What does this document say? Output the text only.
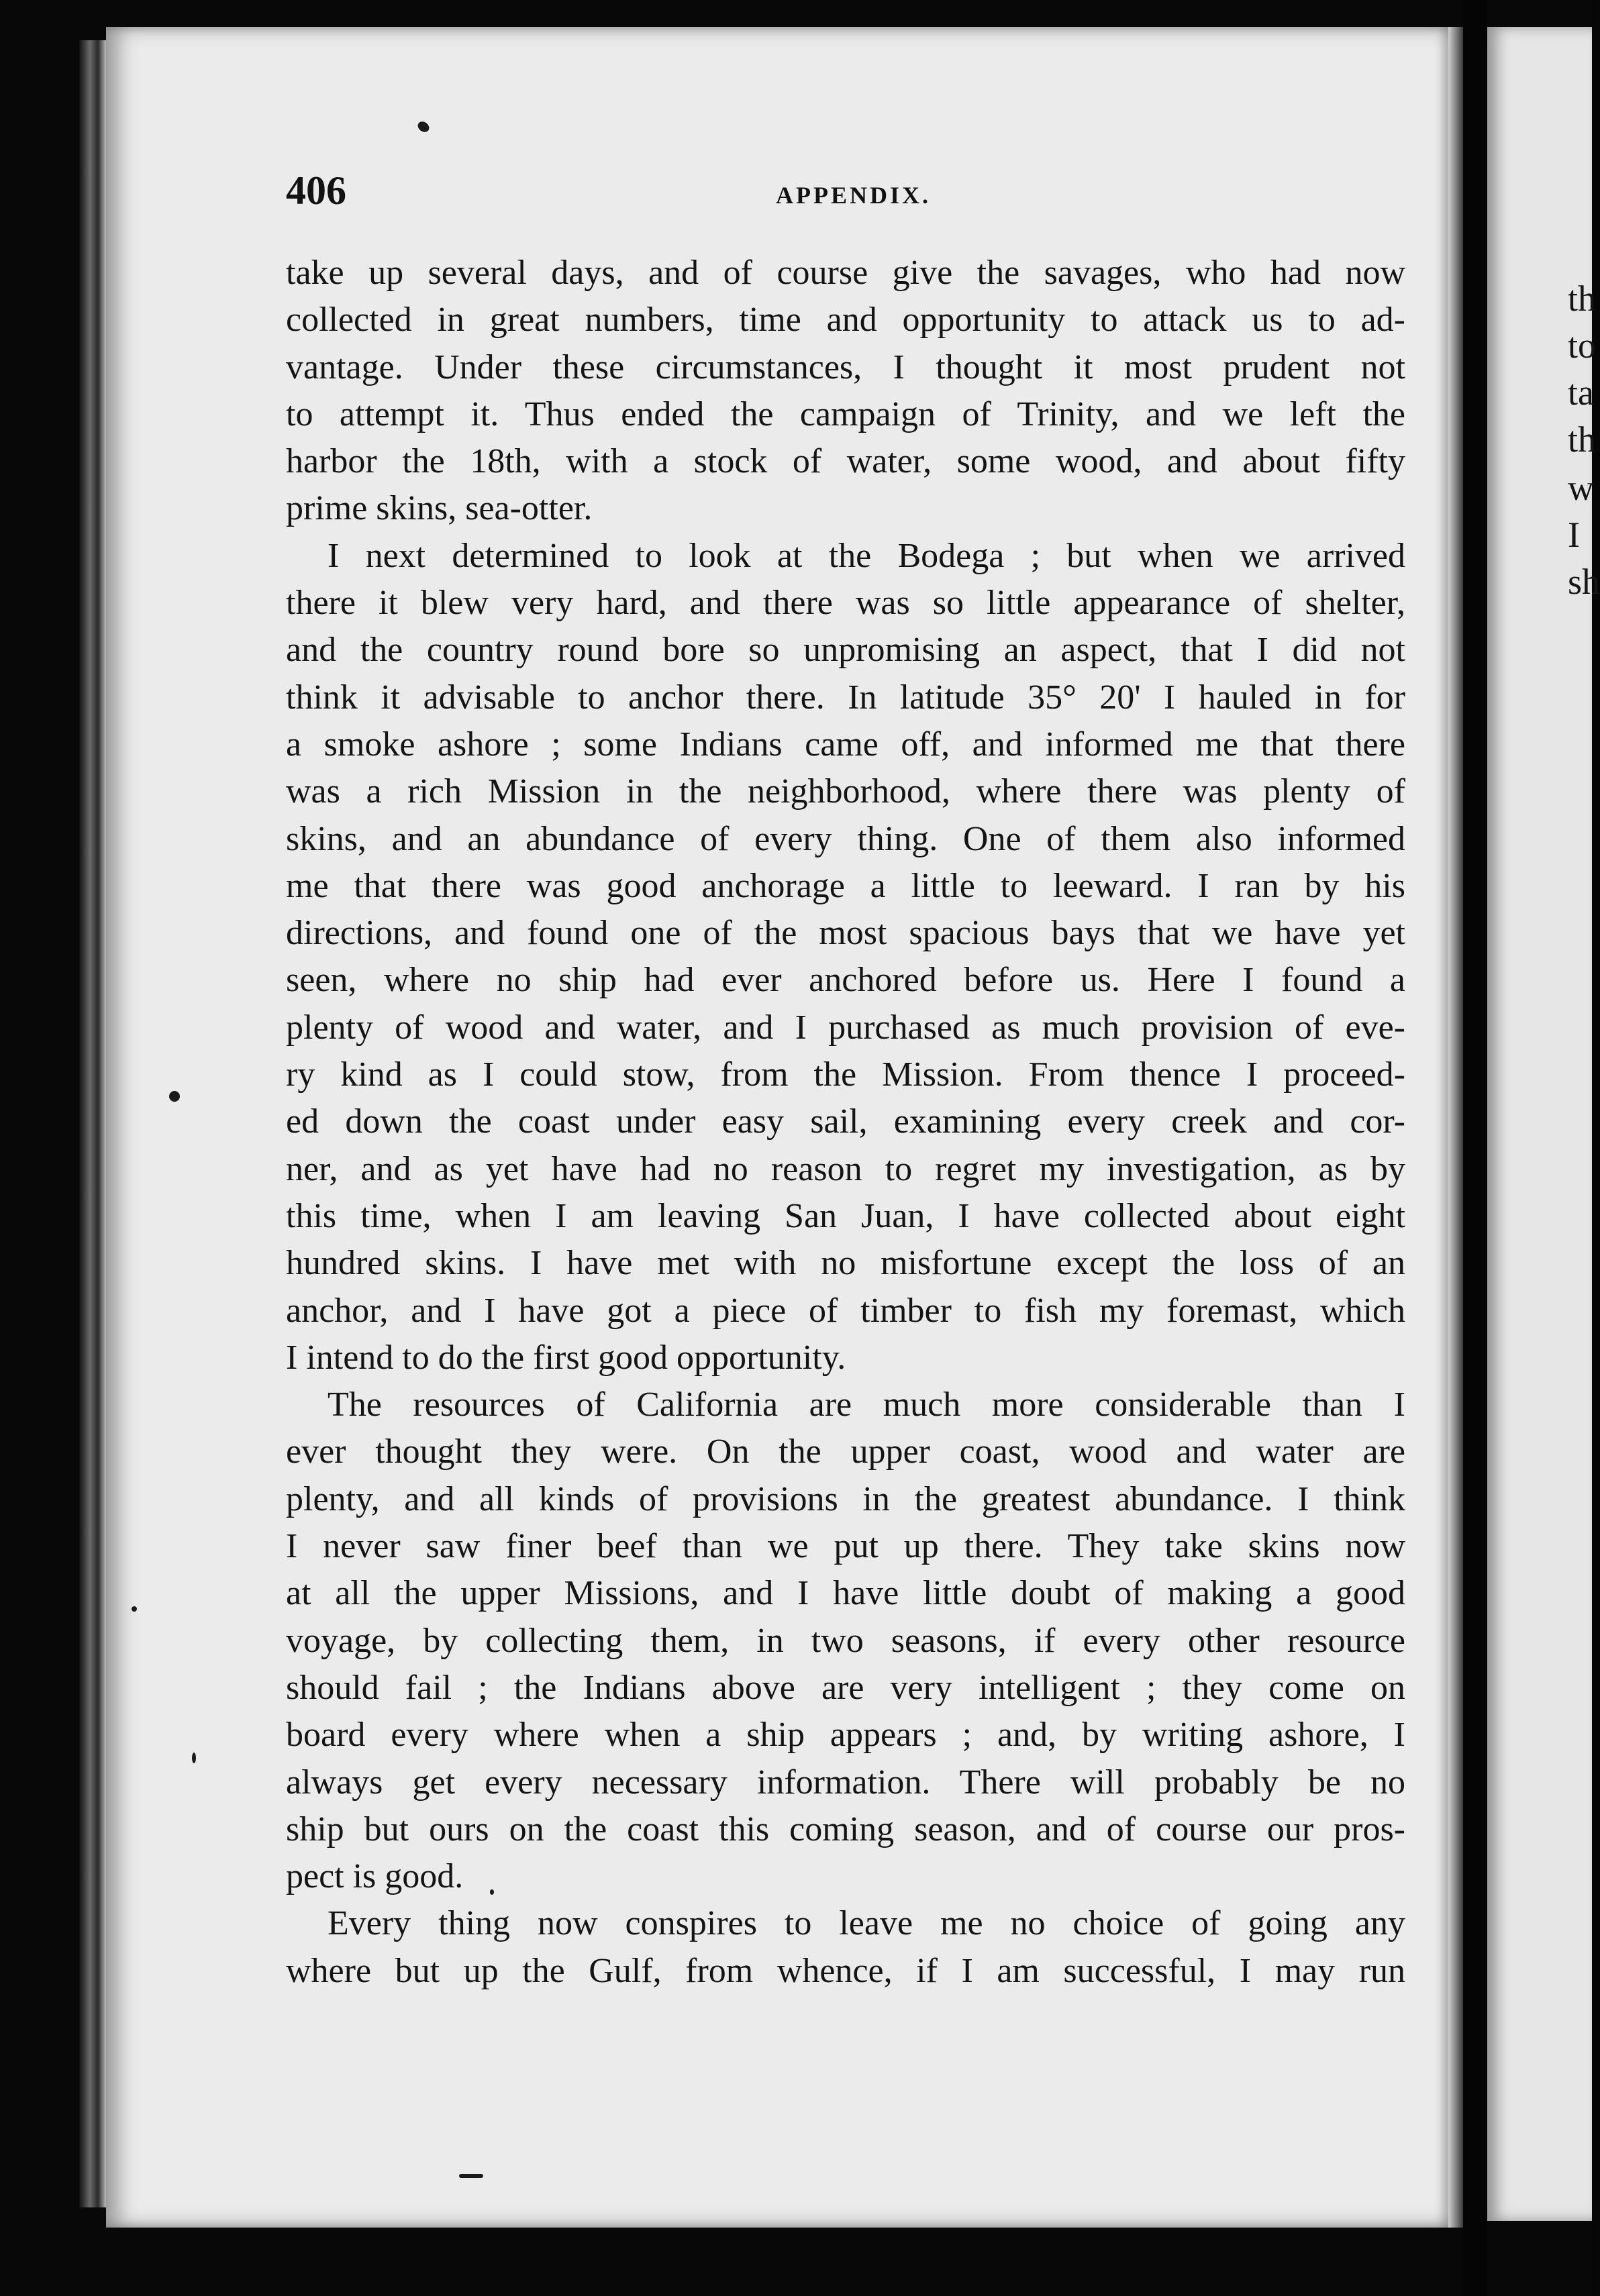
th
to
ta
th
w
I
sh
406	APPENDIX.
take up several days, and of course give the savages, who had now
collected in great numbers, time and opportunity to attack us to ad-
vantage. Under these circumstances, I thought it most prudent not
to attempt it. Thus ended the campaign of Trinity, and we left the
harbor the 18th, with a stock of water, some wood, and about fifty
prime skins, sea-otter.
I next determined to look at the Bodega ; but when we arrived
there it blew very hard, and there was so little appearance of shelter,
and the country round bore so unpromising an aspect, that I did not
think it advisable to anchor there. In latitude 35° 20' I hauled in for
a smoke ashore ; some Indians came off, and informed me that there
was a rich Mission in the neighborhood, where there was plenty of
skins, and an abundance of every thing. One of them also informed
me that there was good anchorage a little to leeward. I ran by his
directions, and found one of the most spacious bays that we have yet
seen, where no ship had ever anchored before us. Here I found a
plenty of wood and water, and I purchased as much provision of eve-
ry kind as I could stow, from the Mission. From thence I proceed-
ed down the coast under easy sail, examining every creek and cor-
ner, and as yet have had no reason to regret my investigation, as by
this time, when I am leaving San Juan, I have collected about eight
hundred skins. I have met with no misfortune except the loss of an
anchor, and I have got a piece of timber to fish my foremast, which
I intend to do the first good opportunity.
The resources of California are much more considerable than I
ever thought they were. On the upper coast, wood and water are
plenty, and all kinds of provisions in the greatest abundance. I think
I never saw finer beef than we put up there. They take skins now
at all the upper Missions, and I have little doubt of making a good
voyage, by collecting them, in two seasons, if every other resource
should fail ; the Indians above are very intelligent ; they come on
board every where when a ship appears ; and, by writing ashore, I
always get every necessary information. There will probably be no
ship but ours on the coast this coming season, and of course our pros-
pect is good.
Every thing now conspires to leave me no choice of going any
where but up the Gulf, from whence, if I am successful, I may run
